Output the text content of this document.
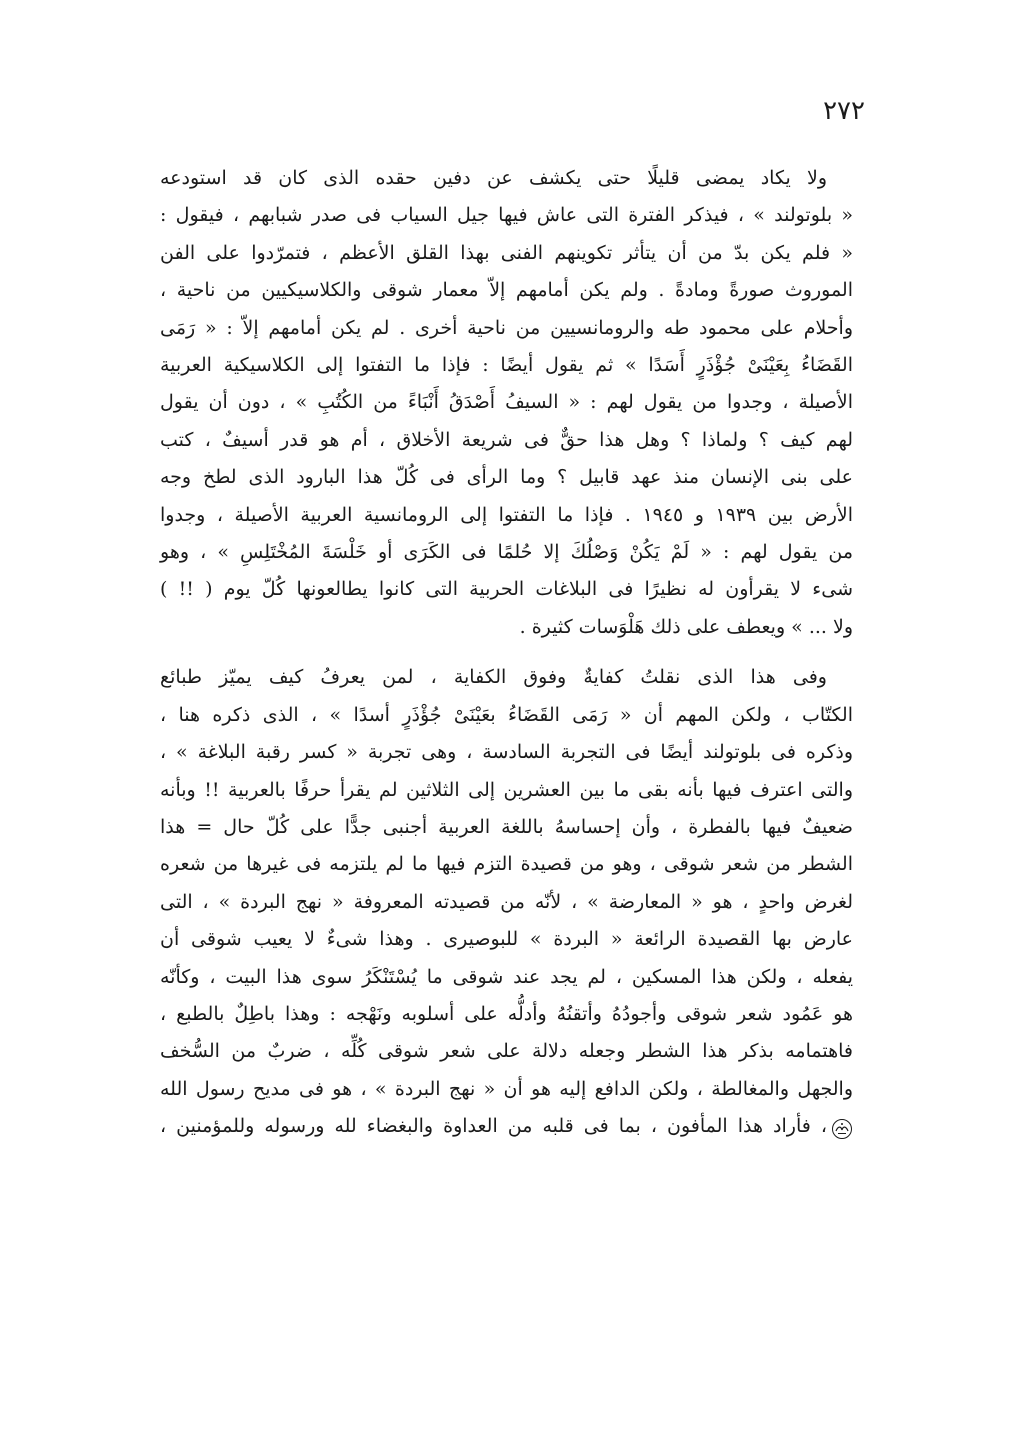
٢٧٢

ولا يكاد يمضى قليلًا حتى يكشف عن دفين حقده الذى كان قد استودعه
« بلوتولند » ، فيذكر الفترة التى عاش فيها جيل السياب فى صدر شبابهم ، فيقول :
« فلم يكن بدّ من أن يتأثر تكوينهم الفنى بهذا القلق الأعظم ، فتمرّدوا على الفن
الموروث صورةً ومادةً . ولم يكن أمامهم إلاّ معمار شوقى والكلاسيكيين من ناحية ،
وأحلام على محمود طه والرومانسيين من ناحية أخرى . لم يكن أمامهم إلاّ : « رَمَى
القَضَاءُ بِعَيْنَىْ جُؤْذَرٍ أَسَدًا » ثم يقول أيضًا : فإذا ما التفتوا إلى الكلاسيكية العربية
الأصيلة ، وجدوا من يقول لهم : « السيفُ أَصْدَقُ أَنْبَاءً من الكُتُبِ » ، دون أن يقول
لهم كيف ؟ ولماذا ؟ وهل هذا حقٌّ فى شريعة الأخلاق ، أم هو قدر أسيفٌ ، كتب
على بنى الإنسان منذ عهد قابيل ؟ وما الرأى فى كُلّ هذا البارود الذى لطخ وجه
الأرض بين ١٩٣٩ و ١٩٤٥ . فإذا ما التفتوا إلى الرومانسية العربية الأصيلة ، وجدوا
من يقول لهم : « لَمْ يَكُنْ وَصْلُكَ إلا حُلمًا فى الكَرَى أو خَلْسَةَ المُخْتَلِسِ » ، وهو
شىء لا يقرأون له نظيرًا فى البلاغات الحربية التى كانوا يطالعونها كُلّ يوم ( !! )
ولا ... » ويعطف على ذلك هَلْوَسات كثيرة .

وفى هذا الذى نقلتُ كفايةٌ وفوق الكفاية ، لمن يعرفُ كيف يميّز طبائع
الكتّاب ، ولكن المهم أن « رَمَى القَضَاءُ بعَيْنَىْ جُؤْذَرٍ أسدًا » ، الذى ذكره هنا ،
وذكره فى بلوتولند أيضًا فى التجربة السادسة ، وهى تجربة « كسر رقبة البلاغة » ،
والتى اعترف فيها بأنه بقى ما بين العشرين إلى الثلاثين لم يقرأ حرفًا بالعربية !! وبأنه
ضعيفٌ فيها بالفطرة ، وأن إحساسهُ باللغة العربية أجنبى جدًّا على كُلّ حال = هذا
الشطر من شعر شوقى ، وهو من قصيدة التزم فيها ما لم يلتزمه فى غيرها من شعره
لغرض واحدٍ ، هو « المعارضة » ، لأنّه من قصيدته المعروفة « نهج البردة » ، التى
عارض بها القصيدة الرائعة « البردة » للبوصيرى . وهذا شىءٌ لا يعيب شوقى أن
يفعله ، ولكن هذا المسكين ، لم يجد عند شوقى ما يُسْتَنْكَرُ سوى هذا البيت ، وكأنّه
هو عَمُود شعر شوقى وأجودُهُ وأتقنُهُ وأدلُّه على أسلوبه ونَهْجه : وهذا باطِلٌ بالطبع ،
فاهتمامه بذكر هذا الشطر وجعله دلالة على شعر شوقى كُلِّه ، ضربٌ من السُّخف
والجهل والمغالطة ، ولكن الدافع إليه هو أن « نهج البردة » ، هو فى مديح رسول الله
، فأراد هذا المأفون ، بما فى قلبه من العداوة والبغضاء لله ورسوله وللمؤمنين ،
